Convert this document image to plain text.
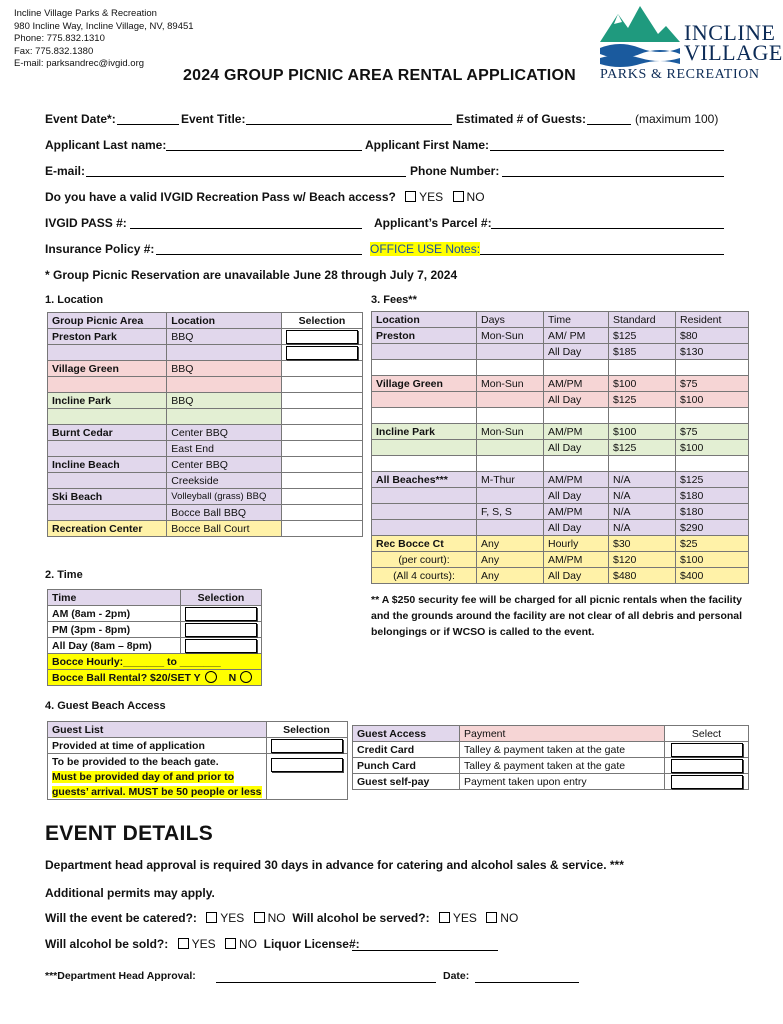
Incline Village Parks & Recreation
980 Incline Way, Incline Village, NV, 89451
Phone: 775.832.1310
Fax: 775.832.1380
E-mail: parksandrec@ivgid.org
2024 GROUP PICNIC AREA RENTAL APPLICATION
INCLINE
VILLAGE
PARKS & RECREATION
Event Date*:	Event Title:	Estimated # of Guests:	(maximum 100)
Applicant Last name:	Applicant First Name:
E-mail:	Phone Number:
Do you have a valid IVGID Recreation Pass w/ Beach access? YES NO
IVGID PASS #:	Applicant’s Parcel #:
Insurance Policy #:	OFFICE USE Notes:
* Group Picnic Reservation are unavailable June 28 through July 7, 2024
1. Location
Group Picnic Area	Location	Selection
Preston Park	BBQ	

Village Green	BBQ	

Incline Park	BBQ	

Burnt Cedar	Center BBQ	
	East End	
Incline Beach	Center BBQ	
	Creekside	
Ski Beach	Volleyball (grass) BBQ	
	Bocce Ball BBQ	
Recreation Center	Bocce Ball Court	
3. Fees**
Location	Days	Time	Standard	Resident
Preston	Mon-Sun	AM/ PM	$125	$80
		All Day	$185	$130

Village Green	Mon-Sun	AM/PM	$100	$75
		All Day	$125	$100

Incline Park	Mon-Sun	AM/PM	$100	$75
		All Day	$125	$100

All Beaches***	M-Thur	AM/PM	N/A	$125
		All Day	N/A	$180
	F, S, S	AM/PM	N/A	$180
		All Day	N/A	$290
Rec Bocce Ct	Any	Hourly	$30	$25
(per court):	Any	AM/PM	$120	$100
(All 4 courts):	Any	All Day	$480	$400
** A $250 security fee will be charged for all picnic rentals when the facility and the grounds around the facility are not clear of all debris and personal belongings or if WCSO is called to the event.
2. Time
Time	Selection
AM (8am - 2pm)	
PM (3pm - 8pm)	
All Day (8am – 8pm)	
Bocce Hourly:_______ to _______	
Bocce Ball Rental? $20/SET Y N	
4. Guest Beach Access
Guest List	Selection
Provided at time of application	
To be provided to the beach gate.	
Must be provided day of and prior to	
guests’ arrival. MUST be 50 people or less	
Guest Access	Payment	Select
Credit Card	Talley & payment taken at the gate	
Punch Card	Talley & payment taken at the gate	
Guest self-pay	Payment taken upon entry	
EVENT DETAILS
Department head approval is required 30 days in advance for catering and alcohol sales & service. ***
Additional permits may apply.
Will the event be catered?: YES NO Will alcohol be served?: YES NO
Will alcohol be sold?: YES NO Liquor License#:
***Department Head Approval:	Date:
